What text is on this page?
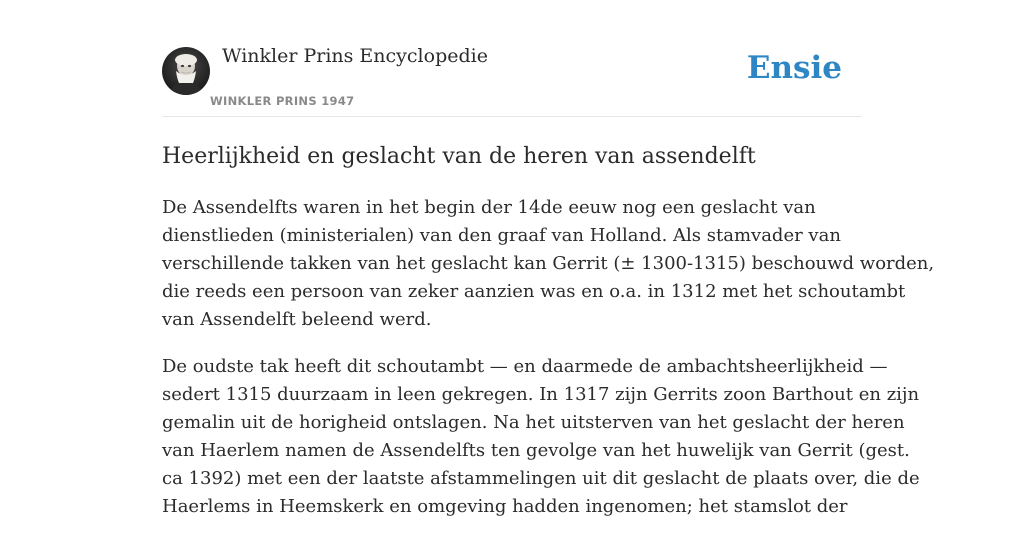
Winkler Prins Encyclopedie
WINKLER PRINS 1947
Ensie
Heerlijkheid en geslacht van de heren van assendelft

De Assendelfts waren in het begin der 14de eeuw nog een geslacht van
dienstlieden (ministerialen) van den graaf van Holland. Als stamvader van
verschillende takken van het geslacht kan Gerrit (± 1300-1315) beschouwd worden,
die reeds een persoon van zeker aanzien was en o.a. in 1312 met het schoutambt
van Assendelft beleend werd.

De oudste tak heeft dit schoutambt — en daarmede de ambachtsheerlijkheid —
sedert 1315 duurzaam in leen gekregen. In 1317 zijn Gerrits zoon Barthout en zijn
gemalin uit de horigheid ontslagen. Na het uitsterven van het geslacht der heren
van Haerlem namen de Assendelfts ten gevolge van het huwelijk van Gerrit (gest.
ca 1392) met een der laatste afstammelingen uit dit geslacht de plaats over, die de
Haerlems in Heemskerk en omgeving hadden ingenomen; het stamslot der
